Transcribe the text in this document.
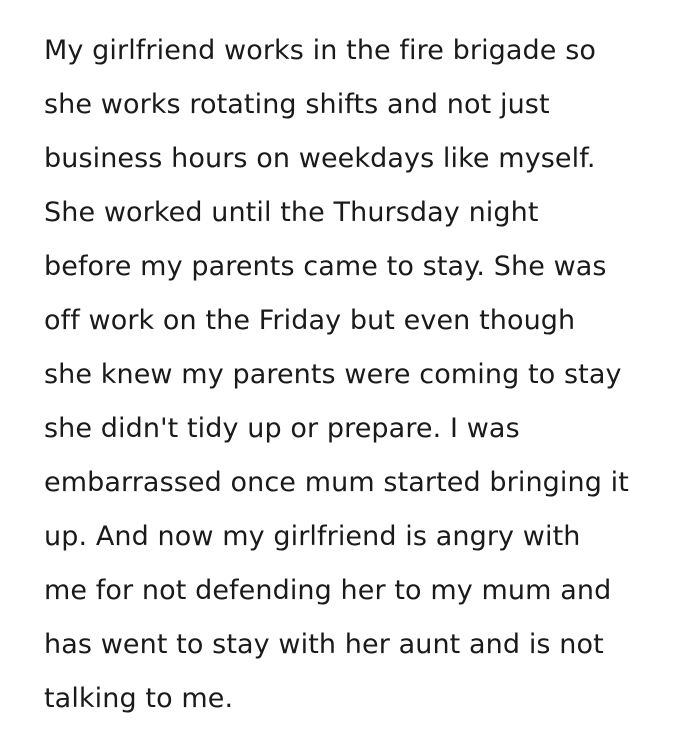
My girlfriend works in the fire brigade so
she works rotating shifts and not just
business hours on weekdays like myself.
She worked until the Thursday night
before my parents came to stay. She was
off work on the Friday but even though
she knew my parents were coming to stay
she didn't tidy up or prepare. I was
embarrassed once mum started bringing it
up. And now my girlfriend is angry with
me for not defending her to my mum and
has went to stay with her aunt and is not
talking to me.
